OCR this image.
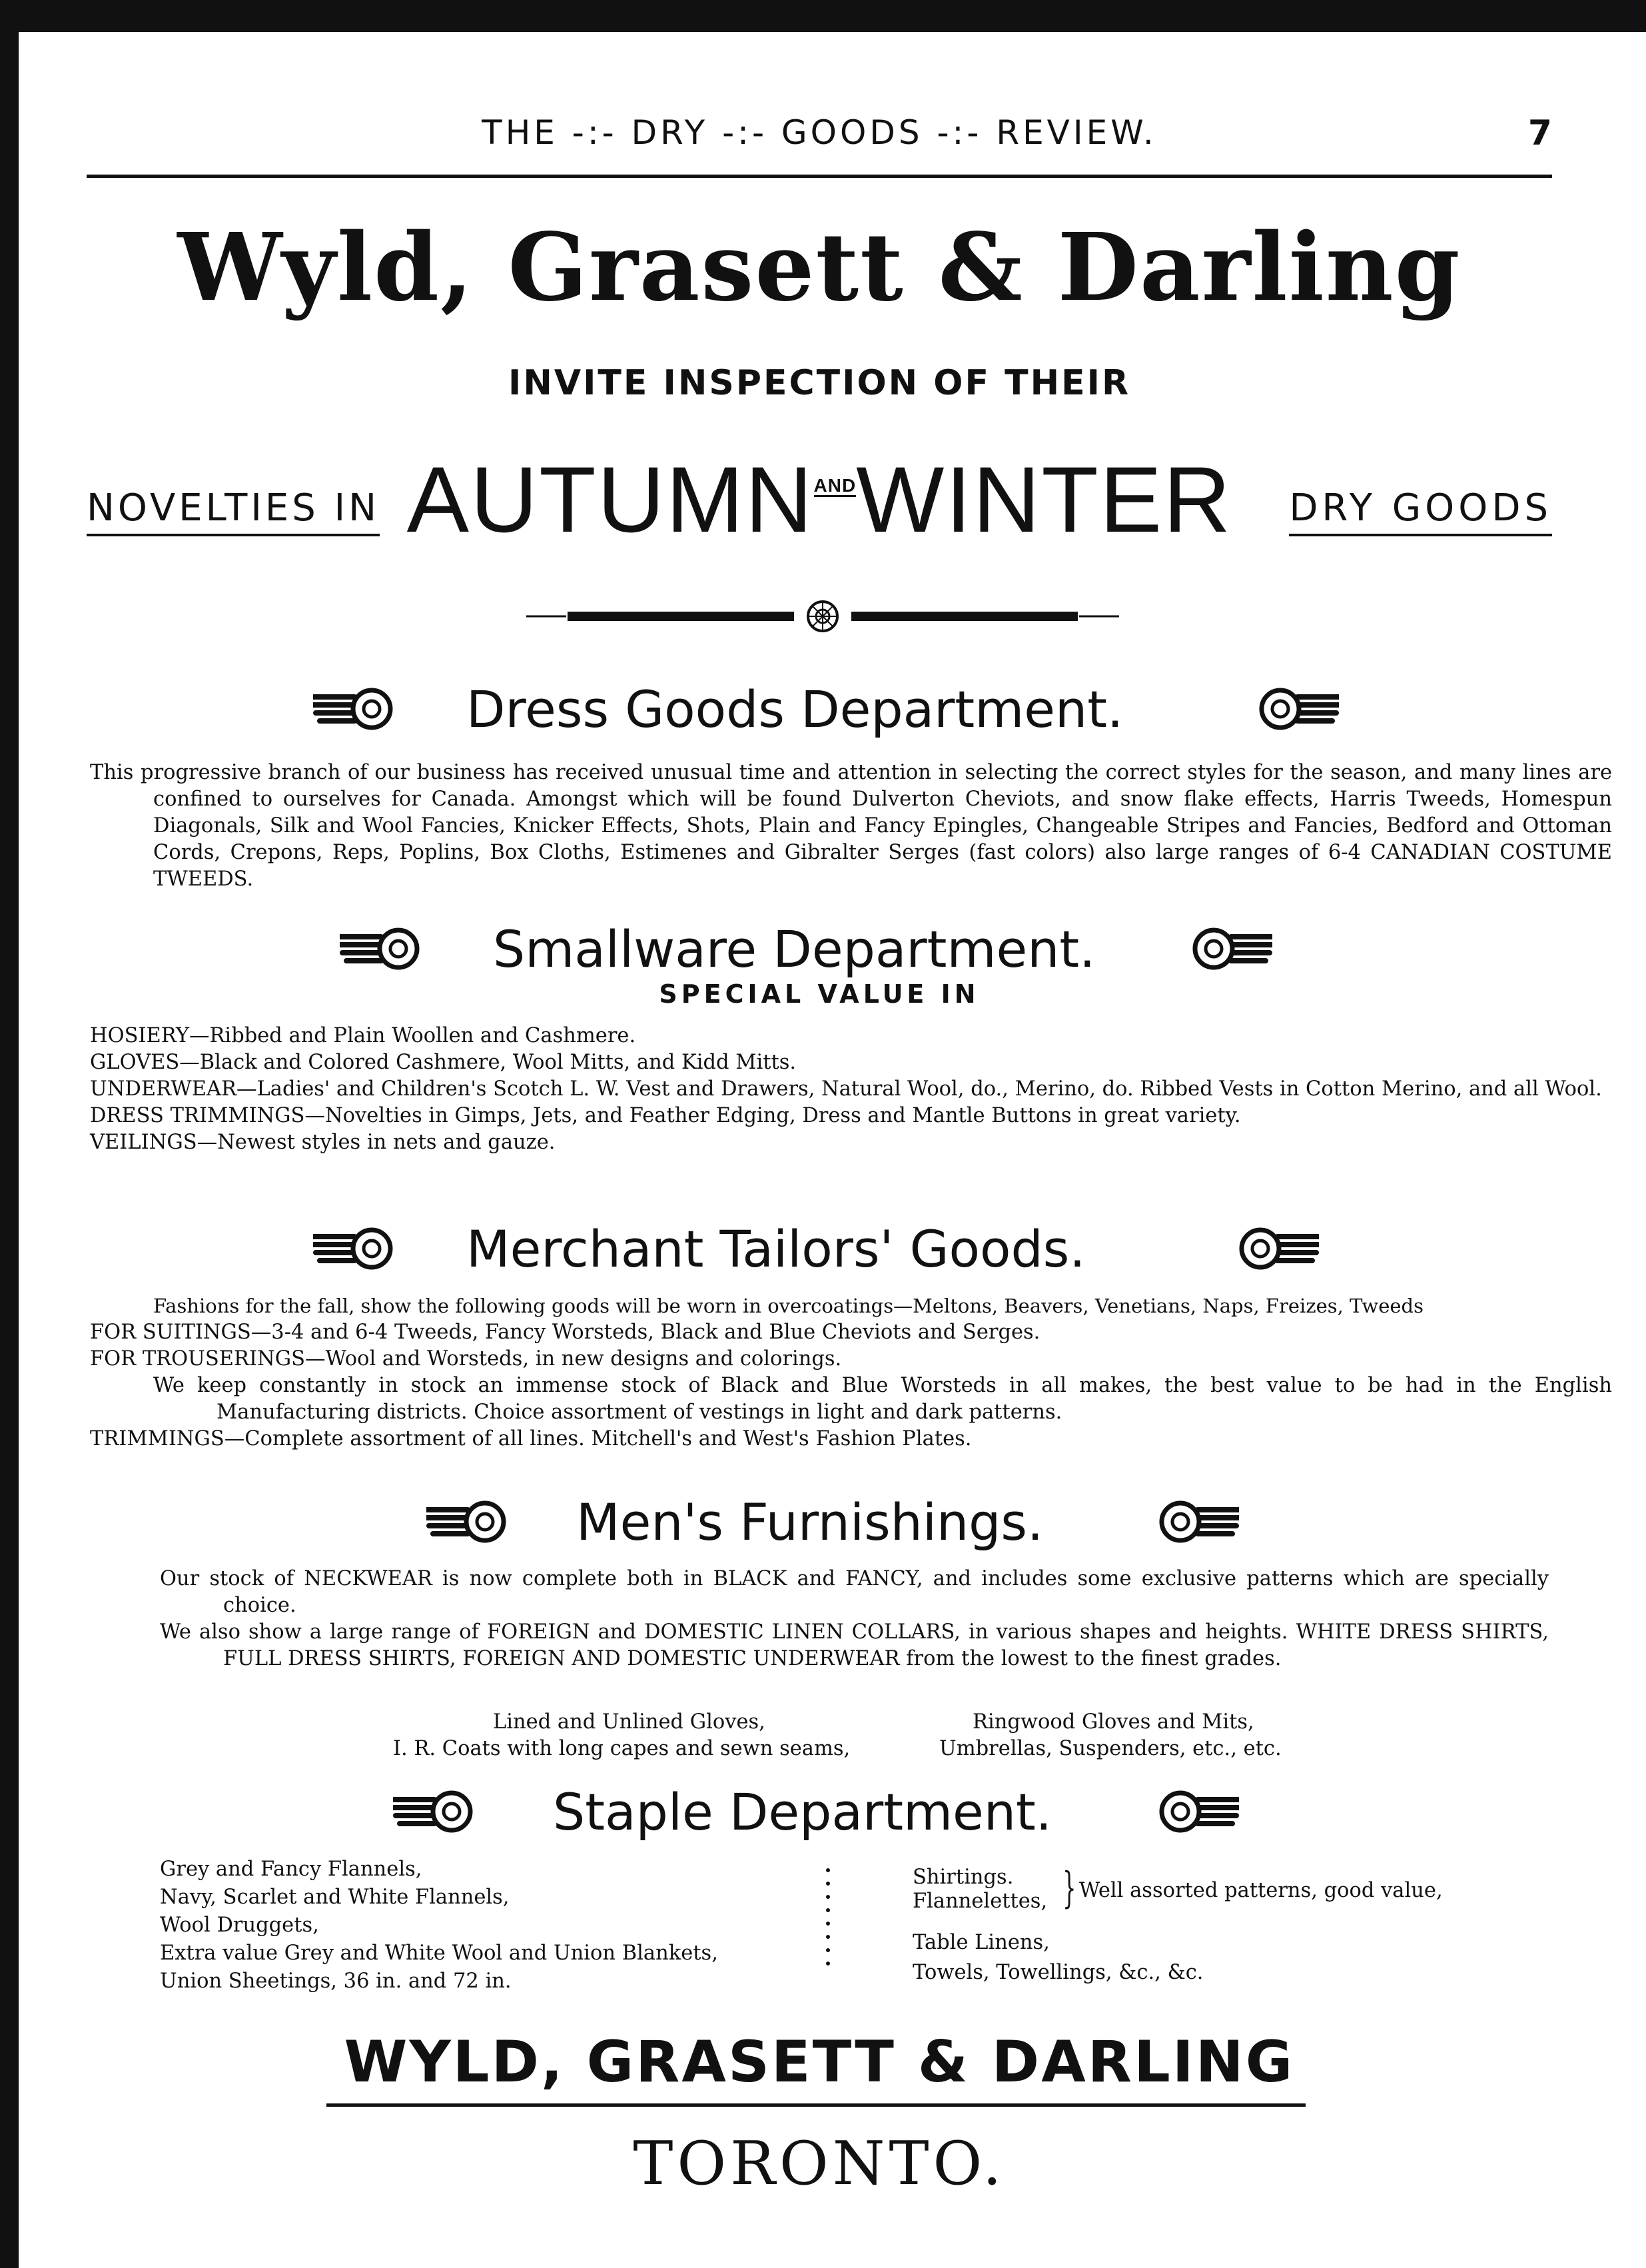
THE -:- DRY -:- GOODS -:- REVIEW.	7
Wyld, Grasett & Darling
INVITE INSPECTION OF THEIR
NOVELTIES IN AUTUMNANDWINTER	DRY GOODS
Dress Goods Department.
This progressive branch of our business has received unusual time and attention in selecting the correct styles for the season, and many lines are confined to ourselves for Canada. Amongst which will be found Dulverton Cheviots, and snow flake effects, Harris Tweeds, Homespun Diagonals, Silk and Wool Fancies, Knicker Effects, Shots, Plain and Fancy Epingles, Changeable Stripes and Fancies, Bedford and Ottoman Cords, Crepons, Reps, Poplins, Box Cloths, Estimenes and Gibralter Serges (fast colors) also large ranges of 6-4 CANADIAN COSTUME TWEEDS.
Smallware Department.
SPECIAL VALUE IN
HOSIERY—Ribbed and Plain Woollen and Cashmere.
GLOVES—Black and Colored Cashmere, Wool Mitts, and Kidd Mitts.
UNDERWEAR—Ladies' and Children's Scotch L. W. Vest and Drawers, Natural Wool, do., Merino, do. Ribbed Vests in Cotton Merino, and all Wool.
DRESS TRIMMINGS—Novelties in Gimps, Jets, and Feather Edging, Dress and Mantle Buttons in great variety.
VEILINGS—Newest styles in nets and gauze.
Merchant Tailors' Goods.
Fashions for the fall, show the following goods will be worn in overcoatings—Meltons, Beavers, Venetians, Naps, Freizes, Tweeds
FOR SUITINGS—3-4 and 6-4 Tweeds, Fancy Worsteds, Black and Blue Cheviots and Serges.
FOR TROUSERINGS—Wool and Worsteds, in new designs and colorings.
We keep constantly in stock an immense stock of Black and Blue Worsteds in all makes, the best value to be had in the English Manufacturing districts. Choice assortment of vestings in light and dark patterns.
TRIMMINGS—Complete assortment of all lines. Mitchell's and West's Fashion Plates.
Men's Furnishings.
Our stock of NECKWEAR is now complete both in BLACK and FANCY, and includes some exclusive patterns which are specially choice.
We also show a large range of FOREIGN and DOMESTIC LINEN COLLARS, in various shapes and heights. WHITE DRESS SHIRTS, FULL DRESS SHIRTS, FOREIGN AND DOMESTIC UNDERWEAR from the lowest to the finest grades.
Lined and Unlined Gloves,
I. R. Coats with long capes and sewn seams,
Ringwood Gloves and Mits,
Umbrellas, Suspenders, etc., etc.
Staple Department.
Grey and Fancy Flannels,
Navy, Scarlet and White Flannels,
Wool Druggets,
Extra value Grey and White Wool and Union Blankets,
Union Sheetings, 36 in. and 72 in.
Shirtings.
Flannelettes, } Well assorted patterns, good value,
Table Linens,
Towels, Towellings, &c., &c.
WYLD, GRASETT & DARLING
TORONTO.
